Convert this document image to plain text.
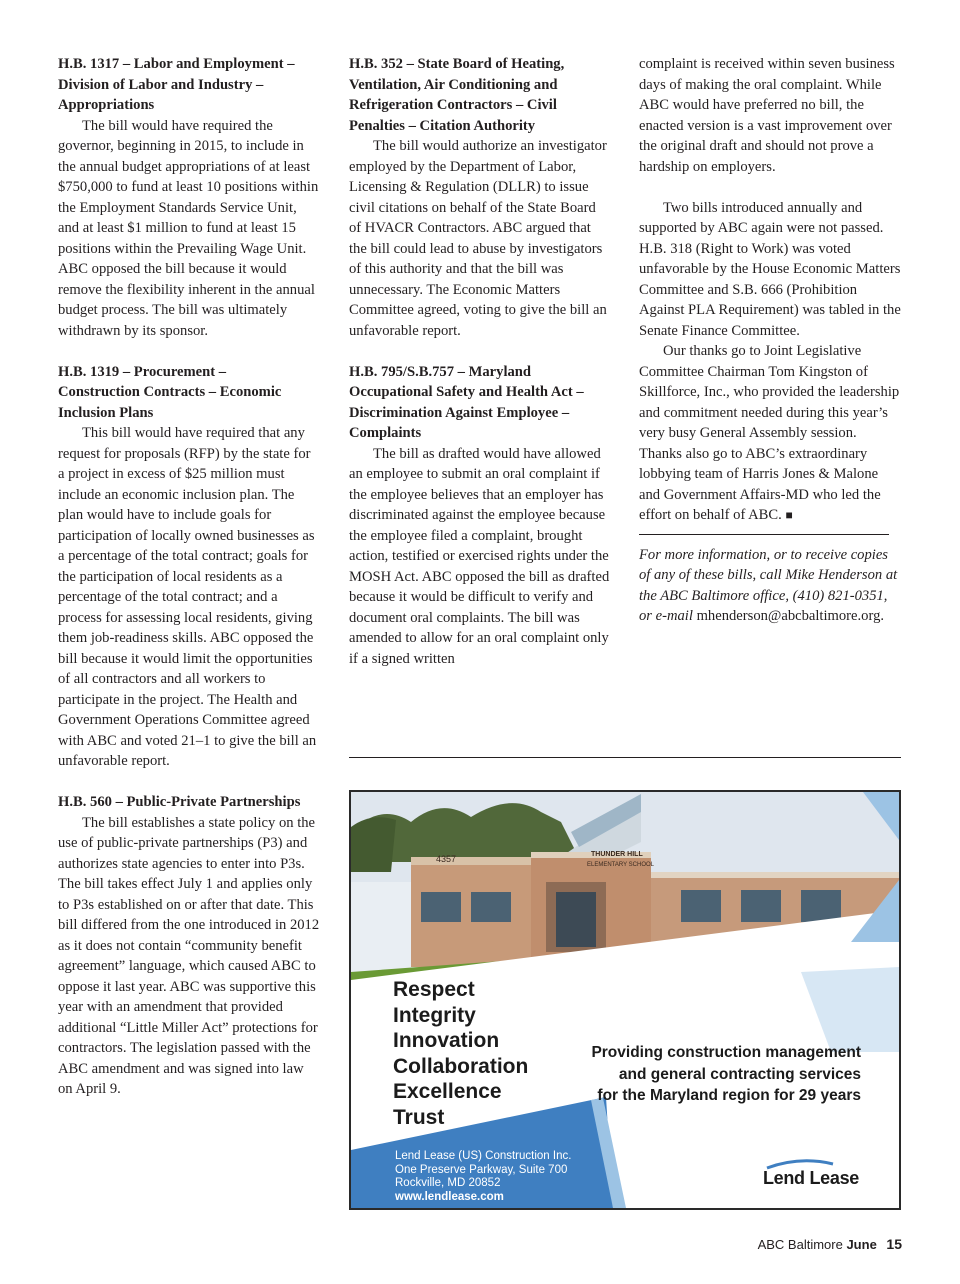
H.B. 1317 – Labor and Employment –
Division of Labor and Industry –
Appropriations

The bill would have required the governor, beginning in 2015, to include in the annual budget appropriations of at least $750,000 to fund at least 10 positions within the Employment Standards Service Unit, and at least $1 million to fund at least 15 positions within the Prevailing Wage Unit. ABC opposed the bill because it would remove the flexibility inherent in the annual budget process. The bill was ultimately withdrawn by its sponsor.

H.B. 1319 – Procurement –
Construction Contracts – Economic
Inclusion Plans

This bill would have required that any request for proposals (RFP) by the state for a project in excess of $25 million must include an economic inclusion plan. The plan would have to include goals for participation of locally owned businesses as a percentage of the total contract; goals for the participation of local residents as a percentage of the total contract; and a process for assessing local residents, giving them job-readiness skills. ABC opposed the bill because it would limit the opportunities of all contractors and all workers to participate in the project. The Health and Government Operations Committee agreed with ABC and voted 21–1 to give the bill an unfavorable report.

H.B. 560 – Public-Private Partnerships

The bill establishes a state policy on the use of public-private partnerships (P3) and authorizes state agencies to enter into P3s. The bill takes effect July 1 and applies only to P3s established on or after that date. This bill differed from the one introduced in 2012 as it does not contain “community benefit agreement” language, which caused ABC to oppose it last year. ABC was supportive this year with an amendment that provided additional “Little Miller Act” protections for contractors. The legislation passed with the ABC amendment and was signed into law on April 9.

H.B. 352 – State Board of Heating,
Ventilation, Air Conditioning and
Refrigeration Contractors – Civil
Penalties – Citation Authority

The bill would authorize an investigator employed by the Department of Labor, Licensing & Regulation (DLLR) to issue civil citations on behalf of the State Board of HVACR Contractors. ABC argued that the bill could lead to abuse by investigators of this authority and that the bill was unnecessary. The Economic Matters Committee agreed, voting to give the bill an unfavorable report.

H.B. 795/S.B.757 – Maryland
Occupational Safety and Health Act –
Discrimination Against Employee –
Complaints

The bill as drafted would have allowed an employee to submit an oral complaint if the employee believes that an employer has discriminated against the employee because the employee filed a complaint, brought action, testified or exercised rights under the MOSH Act. ABC opposed the bill as drafted because it would be difficult to verify and document oral complaints. The bill was amended to allow for an oral complaint only if a signed written

complaint is received within seven business days of making the oral complaint. While ABC would have preferred no bill, the enacted version is a vast improvement over the original draft and should not prove a hardship on employers.

Two bills introduced annually and supported by ABC again were not passed. H.B. 318 (Right to Work) was voted unfavorable by the House Economic Matters Committee and S.B. 666 (Prohibition Against PLA Requirement) was tabled in the Senate Finance Committee.

Our thanks go to Joint Legislative Committee Chairman Tom Kingston of Skillforce, Inc., who provided the leadership and commitment needed during this year’s very busy General Assembly session. Thanks also go to ABC’s extraordinary lobbying team of Harris Jones & Malone and Government Affairs-MD who led the effort on behalf of ABC. ■

For more information, or to receive copies of any of these bills, call Mike Henderson at the ABC Baltimore office, (410) 821-0351, or e-mail mhenderson@abcbaltimore.org.

4357	THUNDER HILL
ELEMENTARY SCHOOL
Respect
Integrity
Innovation
Collaboration
Excellence
Trust
Providing construction management
and general contracting services
for the Maryland region for 29 years
Lend Lease (US) Construction Inc.
One Preserve Parkway, Suite 700
Rockville, MD 20852
www.lendlease.com
Lend Lease
ABC Baltimore June 15
